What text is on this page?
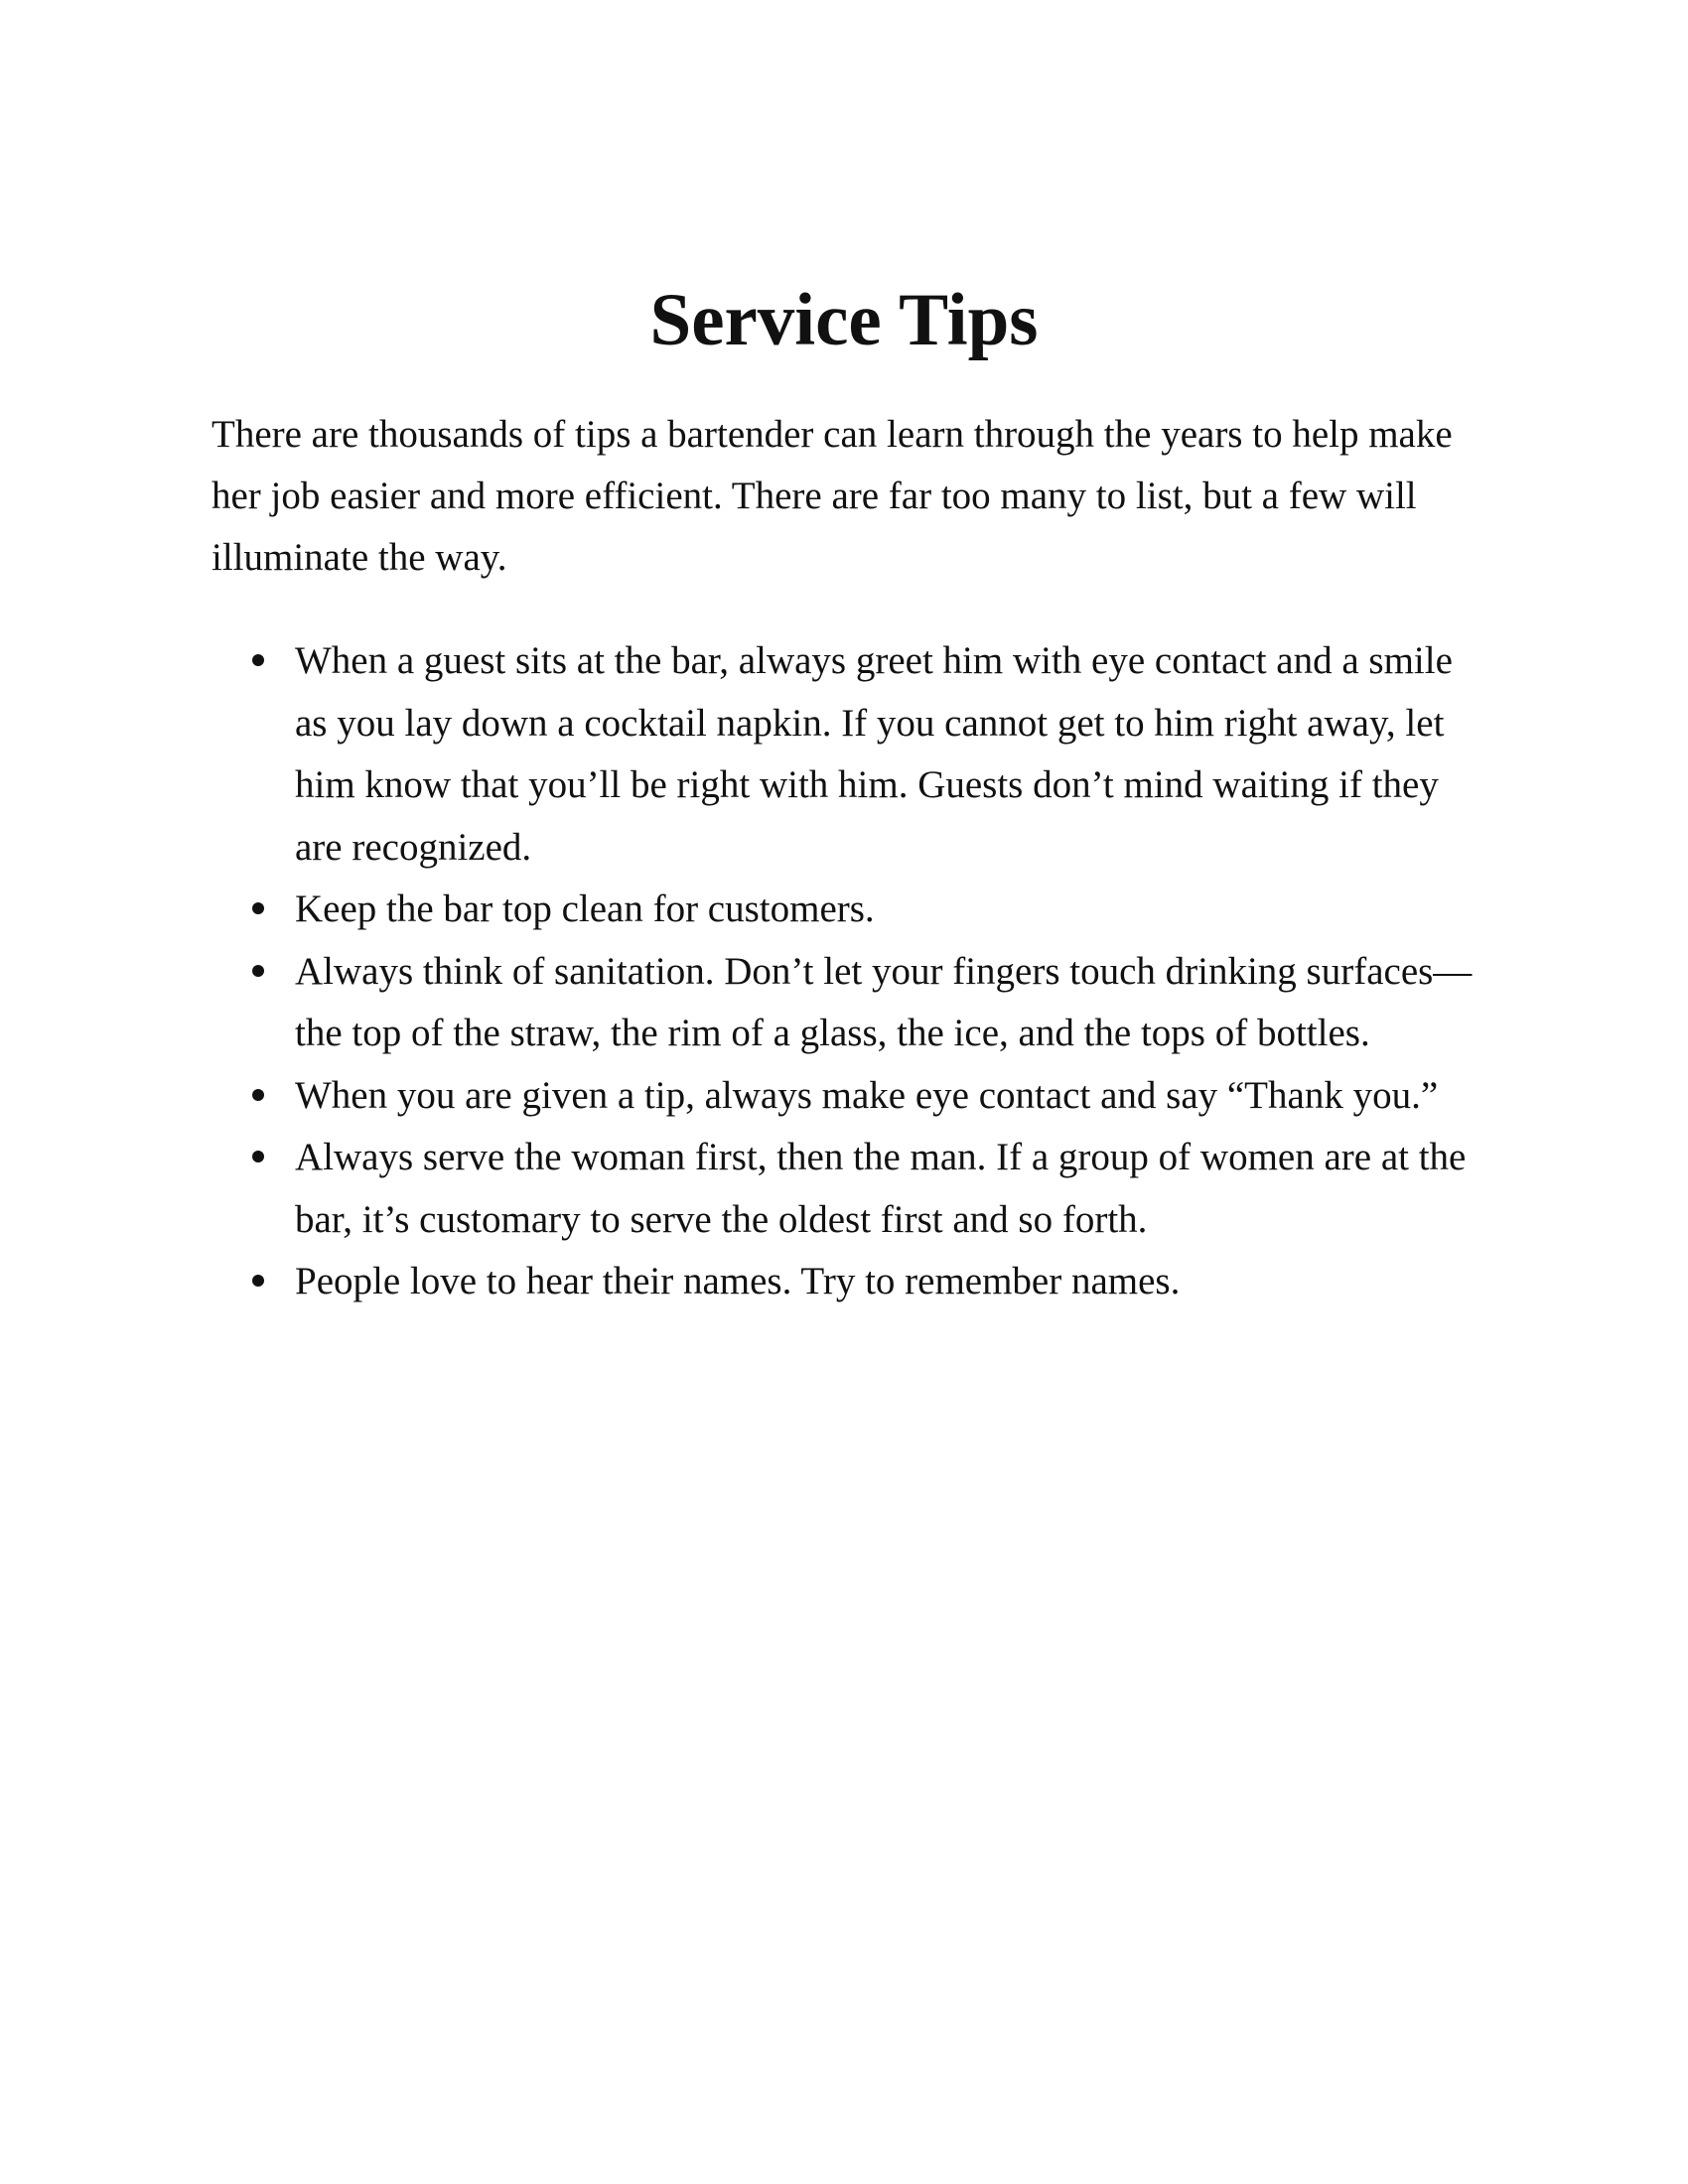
Service Tips

There are thousands of tips a bartender can learn through the years to help make her job easier and more efficient. There are far too many to list, but a few will illuminate the way.

When a guest sits at the bar, always greet him with eye contact and a smile as you lay down a cocktail napkin. If you cannot get to him right away, let him know that you’ll be right with him. Guests don’t mind waiting if they are recognized.
Keep the bar top clean for customers.
Always think of sanitation. Don’t let your fingers touch drinking surfaces—the top of the straw, the rim of a glass, the ice, and the tops of bottles.
When you are given a tip, always make eye contact and say “Thank you.”
Always serve the woman first, then the man. If a group of women are at the bar, it’s customary to serve the oldest first and so forth.
People love to hear their names. Try to remember names.
